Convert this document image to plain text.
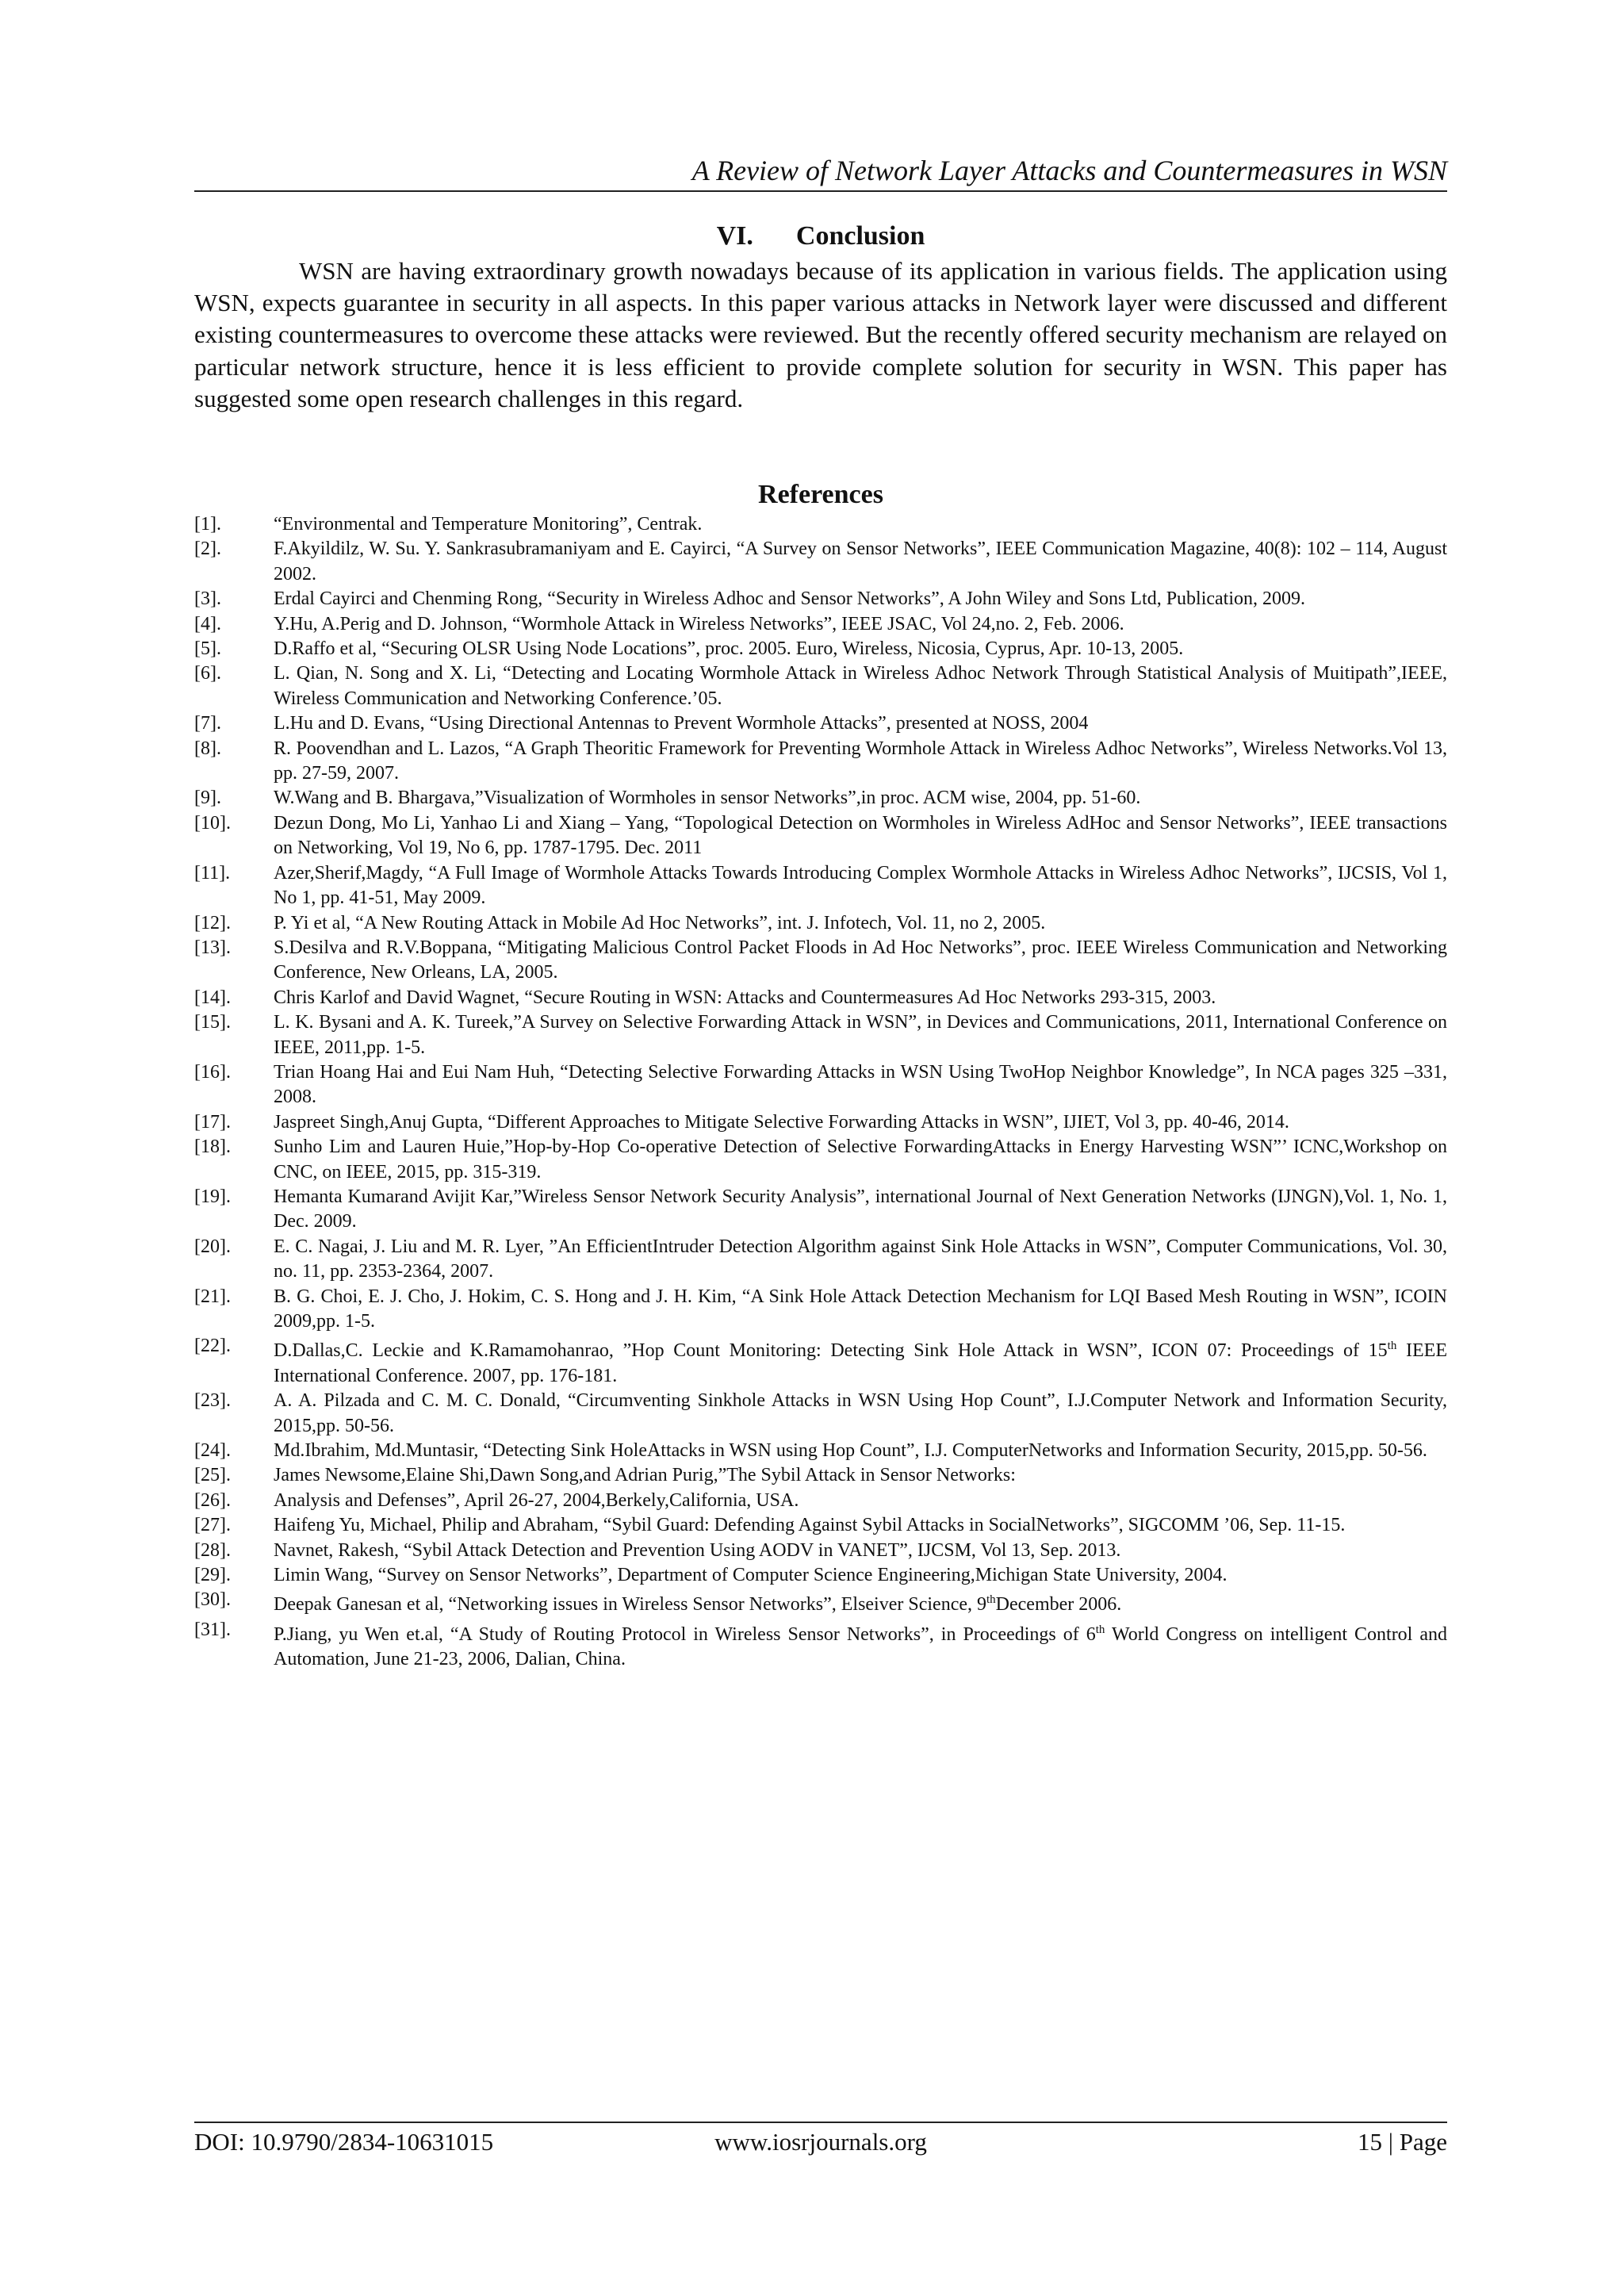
A Review of Network Layer Attacks and Countermeasures in WSN
VI. Conclusion

WSN are having extraordinary growth nowadays because of its application in various fields. The application using WSN, expects guarantee in security in all aspects. In this paper various attacks in Network layer were discussed and different existing countermeasures to overcome these attacks were reviewed. But the recently offered security mechanism are relayed on particular network structure, hence it is less efficient to provide complete solution for security in WSN. This paper has suggested some open research challenges in this regard.

References
[1].	“Environmental and Temperature Monitoring”, Centrak.
[2].	F.Akyildilz, W. Su. Y. Sankrasubramaniyam and E. Cayirci, “A Survey on Sensor Networks”, IEEE Communication Magazine, 40(8): 102 – 114, August 2002.
[3].	Erdal Cayirci and Chenming Rong, “Security in Wireless Adhoc and Sensor Networks”, A John Wiley and Sons Ltd, Publication, 2009.
[4].	Y.Hu, A.Perig and D. Johnson, “Wormhole Attack in Wireless Networks”, IEEE JSAC, Vol 24,no. 2, Feb. 2006.
[5].	D.Raffo et al, “Securing OLSR Using Node Locations”, proc. 2005. Euro, Wireless, Nicosia, Cyprus, Apr. 10-13, 2005.
[6].	L. Qian, N. Song and X. Li, “Detecting and Locating Wormhole Attack in Wireless Adhoc Network Through Statistical Analysis of Muitipath”,IEEE, Wireless Communication and Networking Conference.’05.
[7].	L.Hu and D. Evans, “Using Directional Antennas to Prevent Wormhole Attacks”, presented at NOSS, 2004
[8].	R. Poovendhan and L. Lazos, “A Graph Theoritic Framework for Preventing Wormhole Attack in Wireless Adhoc Networks”, Wireless Networks.Vol 13, pp. 27-59, 2007.
[9].	W.Wang and B. Bhargava,”Visualization of Wormholes in sensor Networks”,in proc. ACM wise, 2004, pp. 51-60.
[10]. Dezun Dong, Mo Li, Yanhao Li and Xiang – Yang, “Topological Detection on Wormholes in Wireless AdHoc and Sensor Networks”, IEEE transactions on Networking, Vol 19, No 6, pp. 1787-1795. Dec. 2011
[11]. Azer,Sherif,Magdy, “A Full Image of Wormhole Attacks Towards Introducing Complex Wormhole Attacks in Wireless Adhoc Networks”, IJCSIS, Vol 1, No 1, pp. 41-51, May 2009.
[12]. P. Yi et al, “A New Routing Attack in Mobile Ad Hoc Networks”, int. J. Infotech, Vol. 11, no 2, 2005.
[13]. S.Desilva and R.V.Boppana, “Mitigating Malicious Control Packet Floods in Ad Hoc Networks”, proc. IEEE Wireless Communication and Networking Conference, New Orleans, LA, 2005.
[14]. Chris Karlof and David Wagnet, “Secure Routing in WSN: Attacks and Countermeasures Ad Hoc Networks 293-315, 2003.
[15]. L. K. Bysani and A. K. Tureek,”A Survey on Selective Forwarding Attack in WSN”, in Devices and Communications, 2011, International Conference on IEEE, 2011,pp. 1-5.
[16]. Trian Hoang Hai and Eui Nam Huh, “Detecting Selective Forwarding Attacks in WSN Using TwoHop Neighbor Knowledge”, In NCA pages 325 –331, 2008.
[17]. Jaspreet Singh,Anuj Gupta, “Different Approaches to Mitigate Selective Forwarding Attacks in WSN”, IJIET, Vol 3, pp. 40-46, 2014.
[18]. Sunho Lim and Lauren Huie,”Hop-by-Hop Co-operative Detection of Selective ForwardingAttacks in Energy Harvesting WSN”’ ICNC,Workshop on CNC, on IEEE, 2015, pp. 315-319.
[19]. Hemanta Kumarand Avijit Kar,”Wireless Sensor Network Security Analysis”, international Journal of Next Generation Networks (IJNGN),Vol. 1, No. 1, Dec. 2009.
[20]. E. C. Nagai, J. Liu and M. R. Lyer, ”An EfficientIntruder Detection Algorithm against Sink Hole Attacks in WSN”, Computer Communications, Vol. 30, no. 11, pp. 2353-2364, 2007.
[21]. B. G. Choi, E. J. Cho, J. Hokim, C. S. Hong and J. H. Kim, “A Sink Hole Attack Detection Mechanism for LQI Based Mesh Routing in WSN”, ICOIN 2009,pp. 1-5.
[22]. D.Dallas,C. Leckie and K.Ramamohanrao, ”Hop Count Monitoring: Detecting Sink Hole Attack in WSN”, ICON 07: Proceedings of 15th IEEE International Conference. 2007, pp. 176-181.
[23]. A. A. Pilzada and C. M. C. Donald, “Circumventing Sinkhole Attacks in WSN Using Hop Count”, I.J.Computer Network and Information Security, 2015,pp. 50-56.
[24]. Md.Ibrahim, Md.Muntasir, “Detecting Sink HoleAttacks in WSN using Hop Count”, I.J. ComputerNetworks and Information Security, 2015,pp. 50-56.
[25]. James Newsome,Elaine Shi,Dawn Song,and Adrian Purig,”The Sybil Attack in Sensor Networks:
[26]. Analysis and Defenses”, April 26-27, 2004,Berkely,California, USA.
[27]. Haifeng Yu, Michael, Philip and Abraham, “Sybil Guard: Defending Against Sybil Attacks in SocialNetworks”, SIGCOMM ’06, Sep. 11-15.
[28]. Navnet, Rakesh, “Sybil Attack Detection and Prevention Using AODV in VANET”, IJCSM, Vol 13, Sep. 2013.
[29]. Limin Wang, “Survey on Sensor Networks”, Department of Computer Science Engineering,Michigan State University, 2004.
[30]. Deepak Ganesan et al, “Networking issues in Wireless Sensor Networks”, Elseiver Science, 9thDecember 2006.
[31]. P.Jiang, yu Wen et.al, “A Study of Routing Protocol in Wireless Sensor Networks”, in Proceedings of 6th World Congress on intelligent Control and Automation, June 21-23, 2006, Dalian, China.
DOI: 10.9790/2834-10631015	www.iosrjournals.org	15 | Page
